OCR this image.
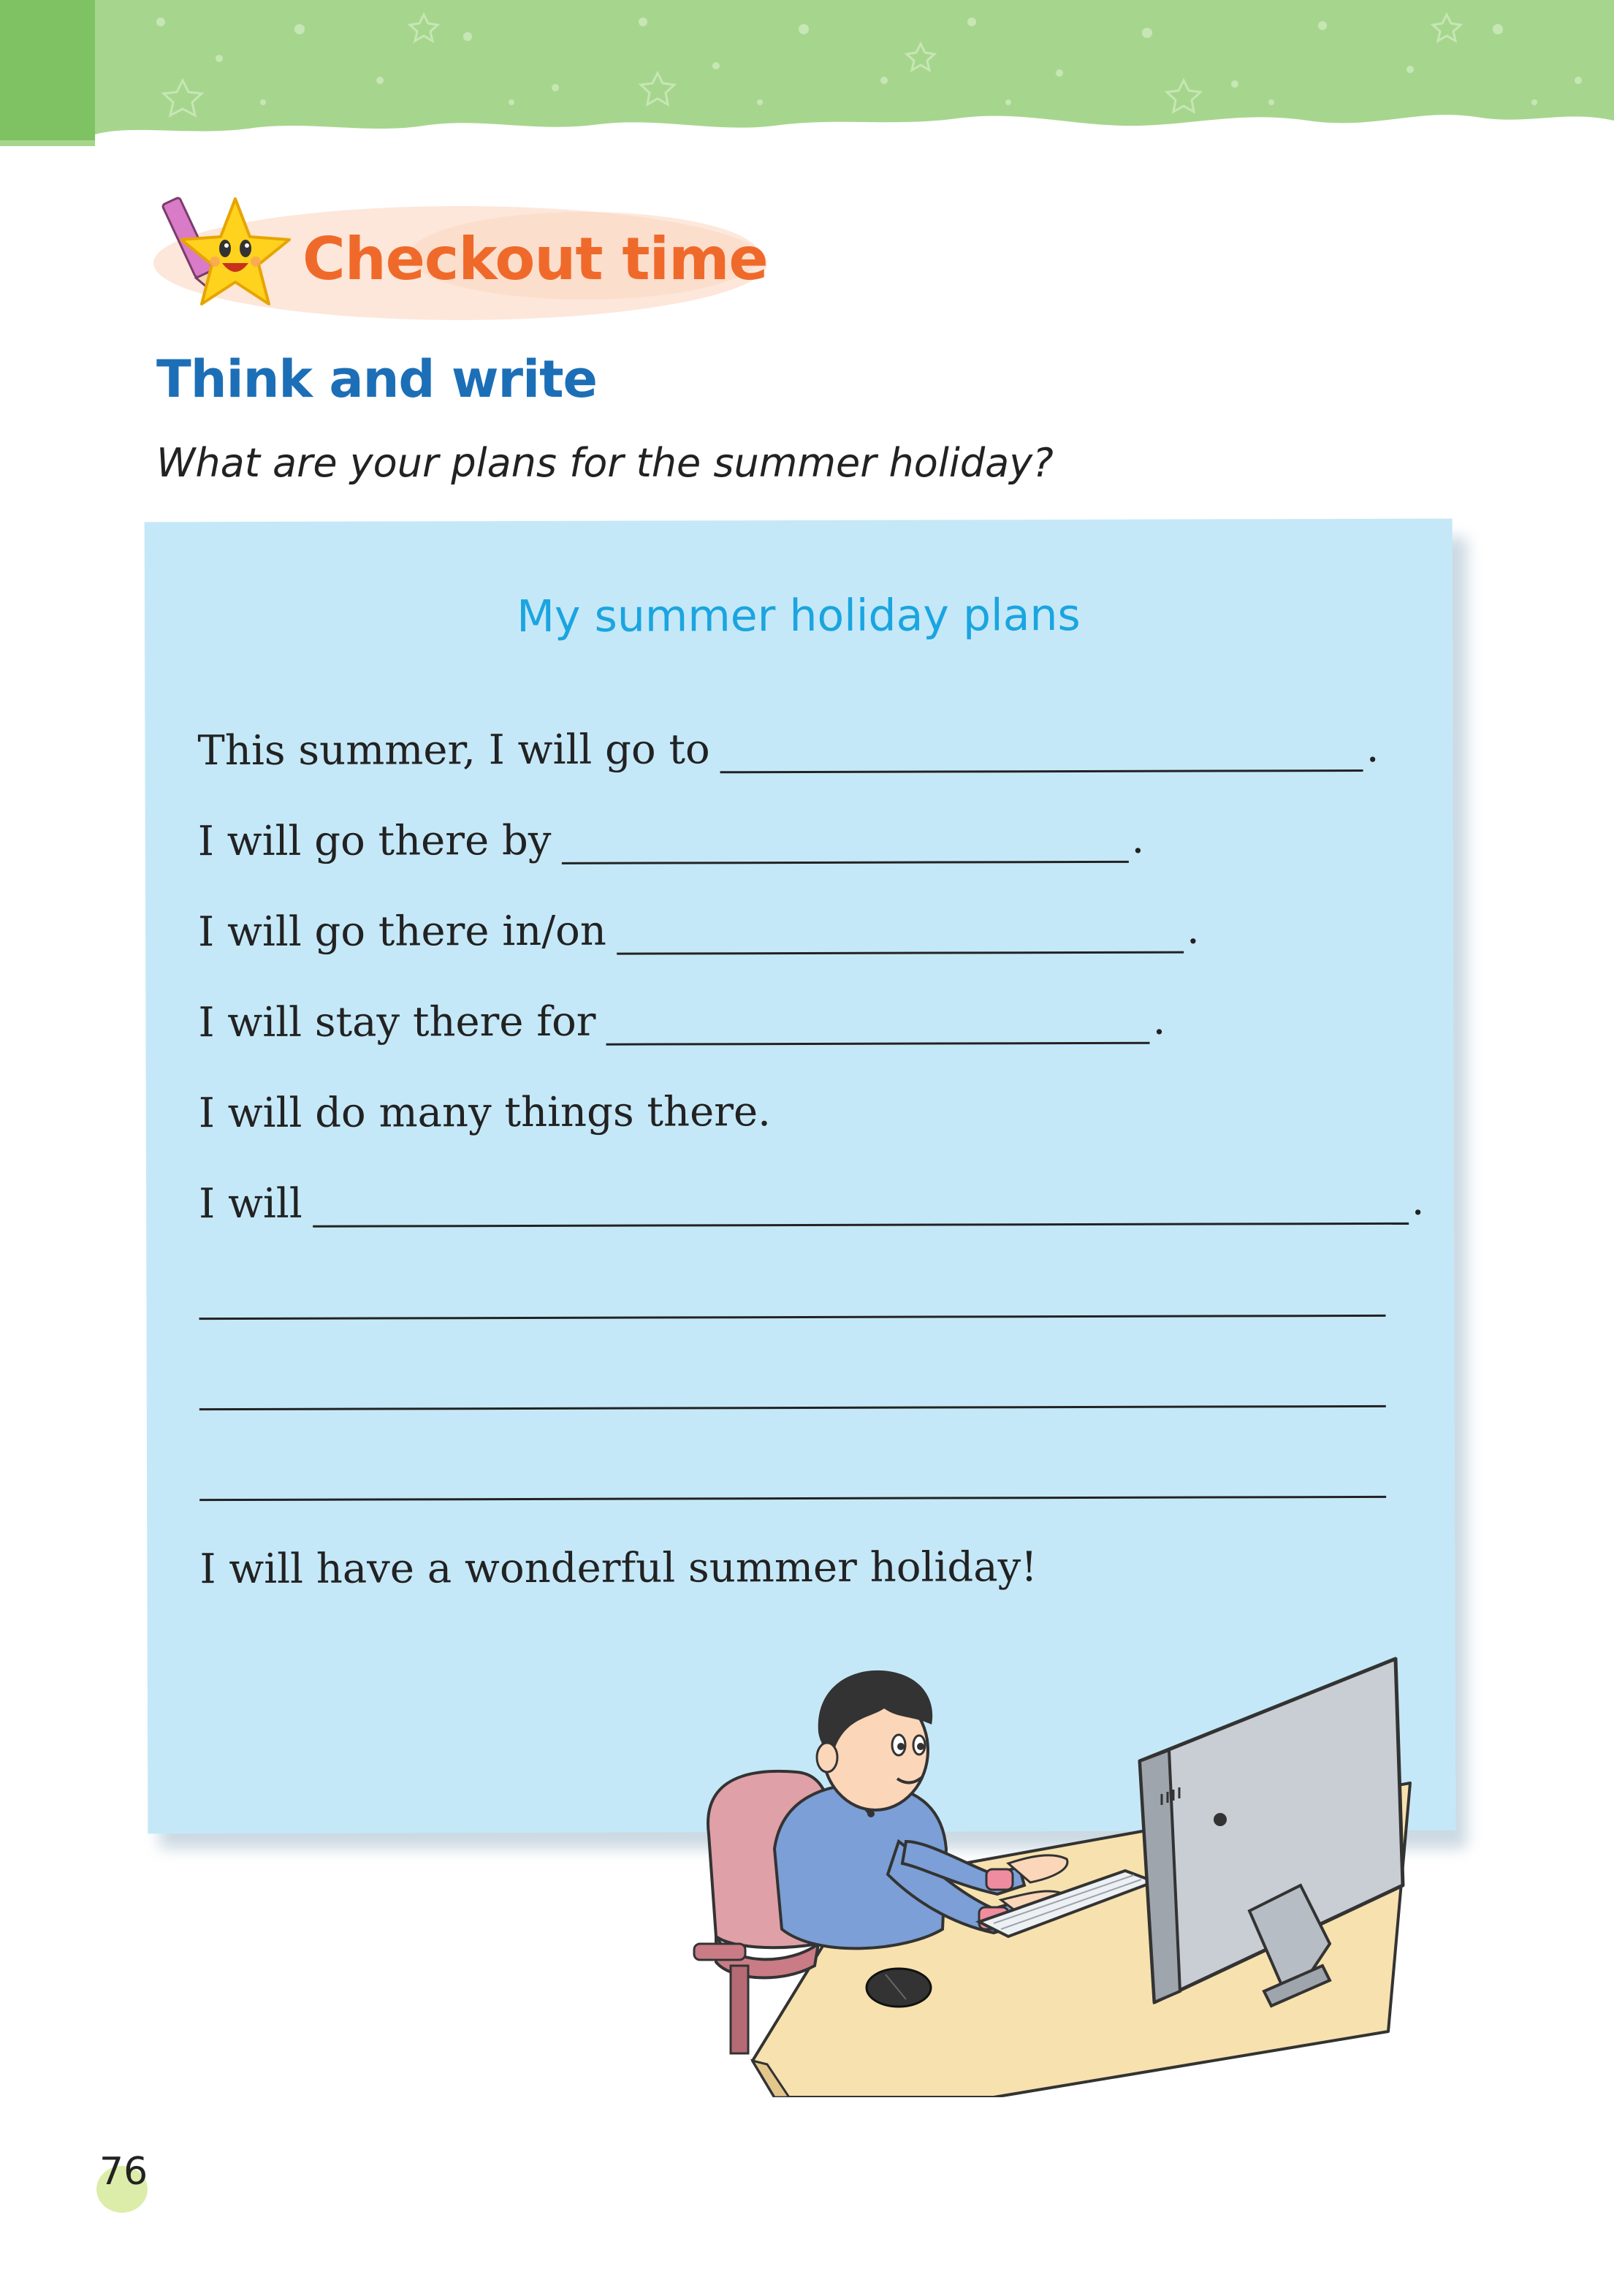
Checkout time
Think and write
What are your plans for the summer holiday?
My summer holiday plans
This summer, I will go to	.
I will go there by	.
I will go there in/on	.
I will stay there for	.
I will do many things there.
I will	.
I will have a wonderful summer holiday!
76
